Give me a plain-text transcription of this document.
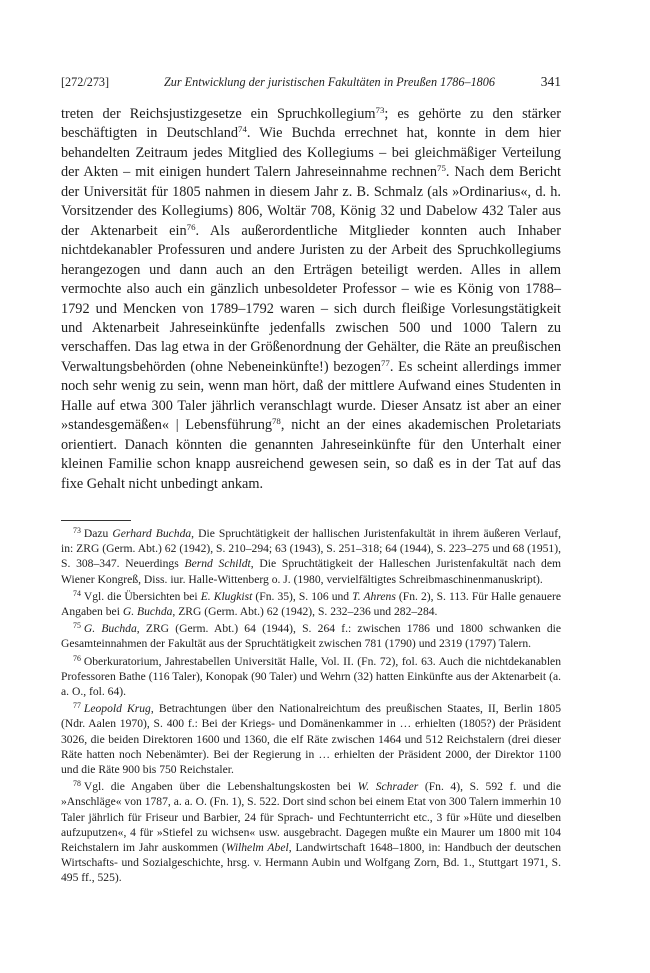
[272/273]	Zur Entwicklung der juristischen Fakultäten in Preußen 1786–1806	341

treten der Reichsjustizgesetze ein Spruchkollegium$^{73}$; es gehörte zu den stärker beschäftigten in Deutschland$^{74}$. Wie Buchda errechnet hat, konnte in dem hier behandelten Zeitraum jedes Mitglied des Kollegiums – bei gleichmäßiger Verteilung der Akten – mit einigen hundert Talern Jahreseinnahme rechnen$^{75}$. Nach dem Bericht der Universität für 1805 nahmen in diesem Jahr z. B. Schmalz (als »Ordinarius«, d. h. Vorsitzender des Kollegiums) 806, Woltär 708, König 32 und Dabelow 432 Taler aus der Aktenarbeit ein$^{76}$. Als außerordentliche Mitglieder konnten auch Inhaber nichtdekanabler Professuren und andere Juristen zu der Arbeit des Spruchkollegiums herangezogen und dann auch an den Erträgen beteiligt werden. Alles in allem vermochte also auch ein gänzlich unbesoldeter Professor – wie es König von 1788–1792 und Mencken von 1789–1792 waren – sich durch fleißige Vorlesungstätigkeit und Aktenarbeit Jahreseinkünfte jedenfalls zwischen 500 und 1000 Talern zu verschaffen. Das lag etwa in der Größenordnung der Gehälter, die Räte an preußischen Verwaltungsbehörden (ohne Nebeneinkünfte!) bezogen$^{77}$. Es scheint allerdings immer noch sehr wenig zu sein, wenn man hört, daß der mittlere Aufwand eines Studenten in Halle auf etwa 300 Taler jährlich veranschlagt wurde. Dieser Ansatz ist aber an einer »standesgemäßen« | Lebensführung$^{78}$, nicht an der eines akademischen Proletariats orientiert. Danach könnten die genannten Jahreseinkünfte für den Unterhalt einer kleinen Familie schon knapp ausreichend gewesen sein, so daß es in der Tat auf das fixe Gehalt nicht unbedingt ankam.

$^{73}$ Dazu Gerhard Buchda, Die Spruchtätigkeit der hallischen Juristenfakultät in ihrem äußeren Verlauf, in: ZRG (Germ. Abt.) 62 (1942), S. 210–294; 63 (1943), S. 251–318; 64 (1944), S. 223–275 und 68 (1951), S. 308–347. Neuerdings Bernd Schildt, Die Spruchtätigkeit der Halleschen Juristenfakultät nach dem Wiener Kongreß, Diss. iur. Halle-Wittenberg o. J. (1980, vervielfältigtes Schreibmaschinenmanuskript).

$^{74}$ Vgl. die Übersichten bei E. Klugkist (Fn. 35), S. 106 und T. Ahrens (Fn. 2), S. 113. Für Halle genauere Angaben bei G. Buchda, ZRG (Germ. Abt.) 62 (1942), S. 232–236 und 282–284.

$^{75}$ G. Buchda, ZRG (Germ. Abt.) 64 (1944), S. 264 f.: zwischen 1786 und 1800 schwanken die Gesamteinnahmen der Fakultät aus der Spruchtätigkeit zwischen 781 (1790) und 2319 (1797) Talern.

$^{76}$ Oberkuratorium, Jahrestabellen Universität Halle, Vol. II. (Fn. 72), fol. 63. Auch die nichtdekanablen Professoren Bathe (116 Taler), Konopak (90 Taler) und Wehrn (32) hatten Einkünfte aus der Aktenarbeit (a. a. O., fol. 64).

$^{77}$ Leopold Krug, Betrachtungen über den Nationalreichtum des preußischen Staates, II, Berlin 1805 (Ndr. Aalen 1970), S. 400 f.: Bei der Kriegs- und Domänenkammer in … erhielten (1805?) der Präsident 3026, die beiden Direktoren 1600 und 1360, die elf Räte zwischen 1464 und 512 Reichstalern (drei dieser Räte hatten noch Nebenämter). Bei der Regierung in … erhielten der Präsident 2000, der Direktor 1100 und die Räte 900 bis 750 Reichstaler.

$^{78}$ Vgl. die Angaben über die Lebenshaltungskosten bei W. Schrader (Fn. 4), S. 592 f. und die »Anschläge« von 1787, a. a. O. (Fn. 1), S. 522. Dort sind schon bei einem Etat von 300 Talern immerhin 10 Taler jährlich für Friseur und Barbier, 24 für Sprach- und Fechtunterricht etc., 3 für »Hüte und dieselben aufzuputzen«, 4 für »Stiefel zu wichsen« usw. ausgebracht. Dagegen mußte ein Maurer um 1800 mit 104 Reichstalern im Jahr auskommen (Wilhelm Abel, Landwirtschaft 1648–1800, in: Handbuch der deutschen Wirtschafts- und Sozialgeschichte, hrsg. v. Hermann Aubin und Wolfgang Zorn, Bd. 1., Stuttgart 1971, S. 495 ff., 525).
